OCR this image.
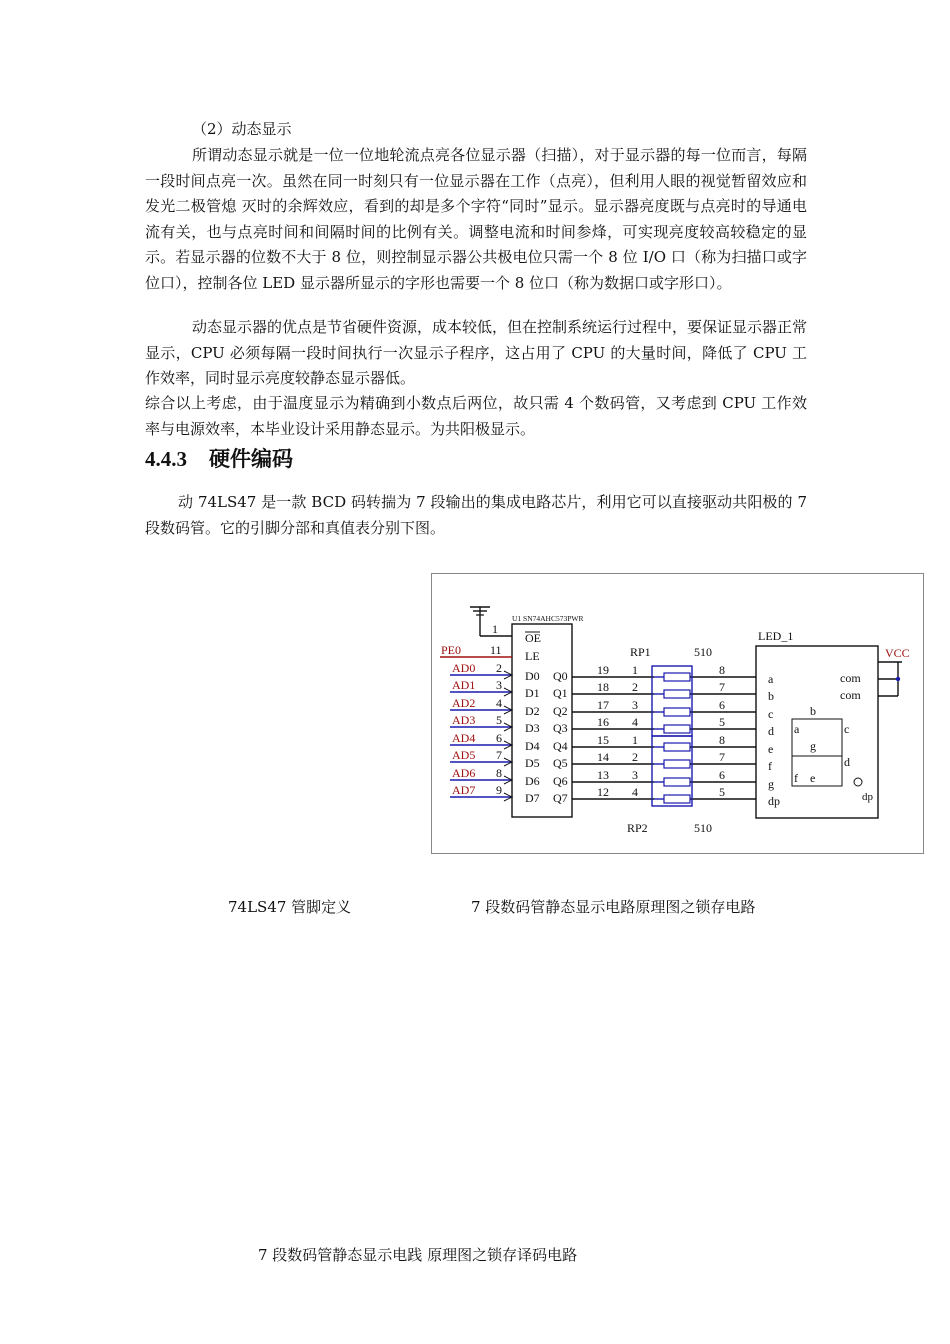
（2）动态显示

所谓动态显示就是一位一位地轮流点亮各位显示器（扫描），对于显示器的每一位而言，每隔一段时间点亮一次。虽然在同一时刻只有一位显示器在工作（点亮），但利用人眼的视觉暂留效应和发光二极管熄 灭时的余辉效应，看到的却是多个字符“同时”显示。显示器亮度既与点亮时的导通电流有关，也与点亮时间和间隔时间的比例有关。调整电流和时间参烽，可实现亮度较高较稳定的显示。若显示器的位数不大于 8 位，则控制显示器公共极电位只需一个 8 位 I/O 口（称为扫描口或字位口），控制各位 LED 显示器所显示的字形也需要一个 8 位口（称为数据口或字形口）。

动态显示器的优点是节省硬件资源，成本较低，但在控制系统运行过程中，要保证显示器正常显示，CPU 必须每隔一段时间执行一次显示子程序，这占用了 CPU 的大量时间，降低了 CPU 工作效率，同时显示亮度较静态显示器低。

综合以上考虑，由于温度显示为精确到小数点后两位，故只需 4 个数码管，又考虑到 CPU 工作效率与电源效率，本毕业设计采用静态显示。为共阳极显示。

4.4.3 硬件编码

动 74LS47 是一款 BCD 码转揣为 7 段输出的集成电路芯片，利用它可以直接驱动共阳极的 7 段数码管。它的引脚分部和真值表分别下图。

1
U1 SN74AHC573PWR
OE
LE
PE0 11
AD0 2
D0 Q0 19 1	8
AD1 3
D1 Q1 18 2	7
AD2 4
D2 Q2 17 3	6
AD3 5
D3 Q3 16 4	5
AD4 6
D4 Q4 15 1	8
AD5 7
D5 Q5 14 2	7
AD6 8
D6 Q6 13 3	6
AD7 9
D7 Q7 12 4	5
RP1	510
RP2	510
LED_1
a
b
c
d
e
f
g
dp
com
com
VCC
b
a	c
g
d
f e
dp
74LS47 管脚定义	7 段数码管静态显示电路原理图之锁存电路
7 段数码管静态显示电践 原理图之锁存译码电路
